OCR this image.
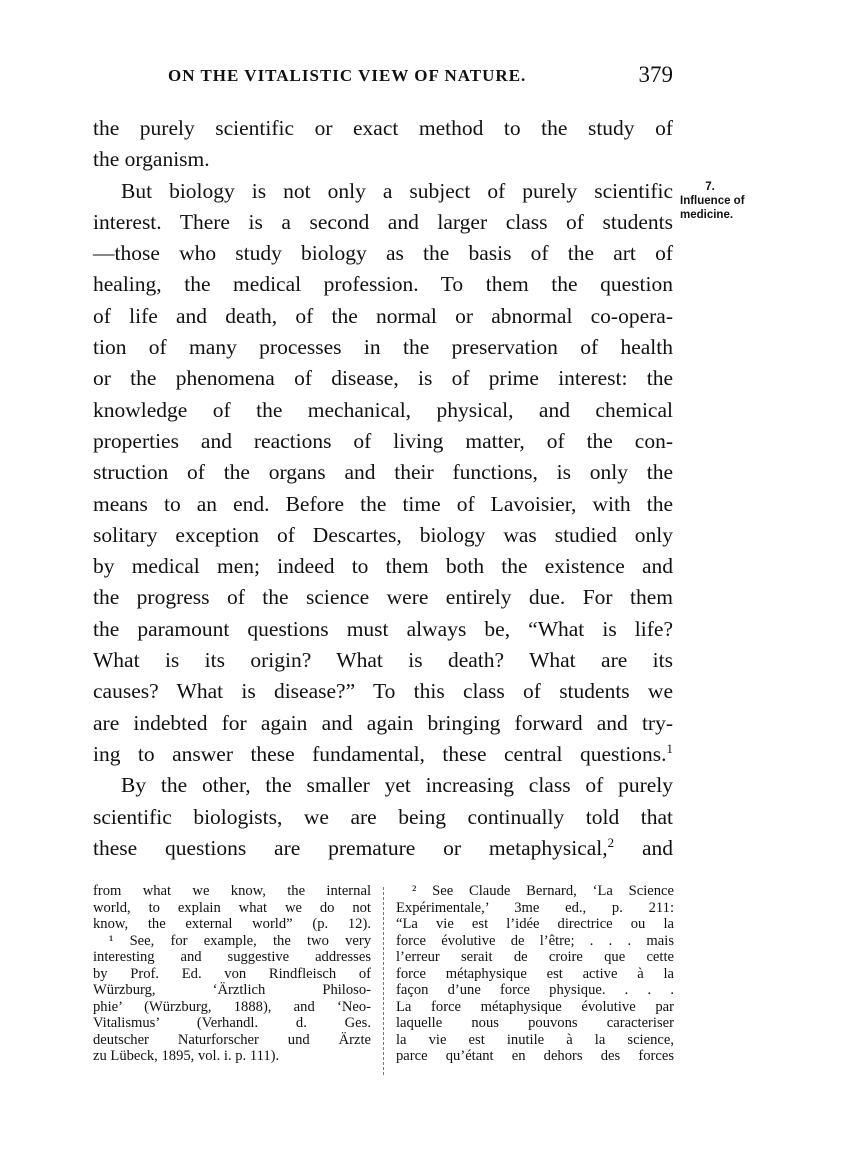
ON THE VITALISTIC VIEW OF NATURE.	379
7.
Influence of
medicine.
the purely scientific or exact method to the study of
the organism.
But biology is not only a subject of purely scientific
interest. There is a second and larger class of students
—those who study biology as the basis of the art of
healing, the medical profession. To them the question
of life and death, of the normal or abnormal co-opera-
tion of many processes in the preservation of health
or the phenomena of disease, is of prime interest: the
knowledge of the mechanical, physical, and chemical
properties and reactions of living matter, of the con-
struction of the organs and their functions, is only the
means to an end. Before the time of Lavoisier, with the
solitary exception of Descartes, biology was studied only
by medical men; indeed to them both the existence and
the progress of the science were entirely due. For them
the paramount questions must always be, “What is life?
What is its origin? What is death? What are its
causes? What is disease?” To this class of students we
are indebted for again and again bringing forward and try-
ing to answer these fundamental, these central questions.$^1$
By the other, the smaller yet increasing class of purely
scientific biologists, we are being continually told that
these questions are premature or metaphysical,$^2$ and
from what we know, the internal
world, to explain what we do not
know, the external world” (p. 12).
¹ See, for example, the two very
interesting and suggestive addresses
by Prof. Ed. von Rindfleisch of
Würzburg, ‘Ärztlich Philoso-
phie’ (Würzburg, 1888), and ‘Neo-
Vitalismus’ (Verhandl. d. Ges.
deutscher Naturforscher und Ärzte
zu Lübeck, 1895, vol. i. p. 111).
² See Claude Bernard, ‘La Science
Expérimentale,’ 3me ed., p. 211:
“La vie est l’idée directrice ou la
force évolutive de l’être; . . . mais
l’erreur serait de croire que cette
force métaphysique est active à la
façon d’une force physique. . . .
La force métaphysique évolutive par
laquelle nous pouvons caracteriser
la vie est inutile à la science,
parce qu’étant en dehors des forces
